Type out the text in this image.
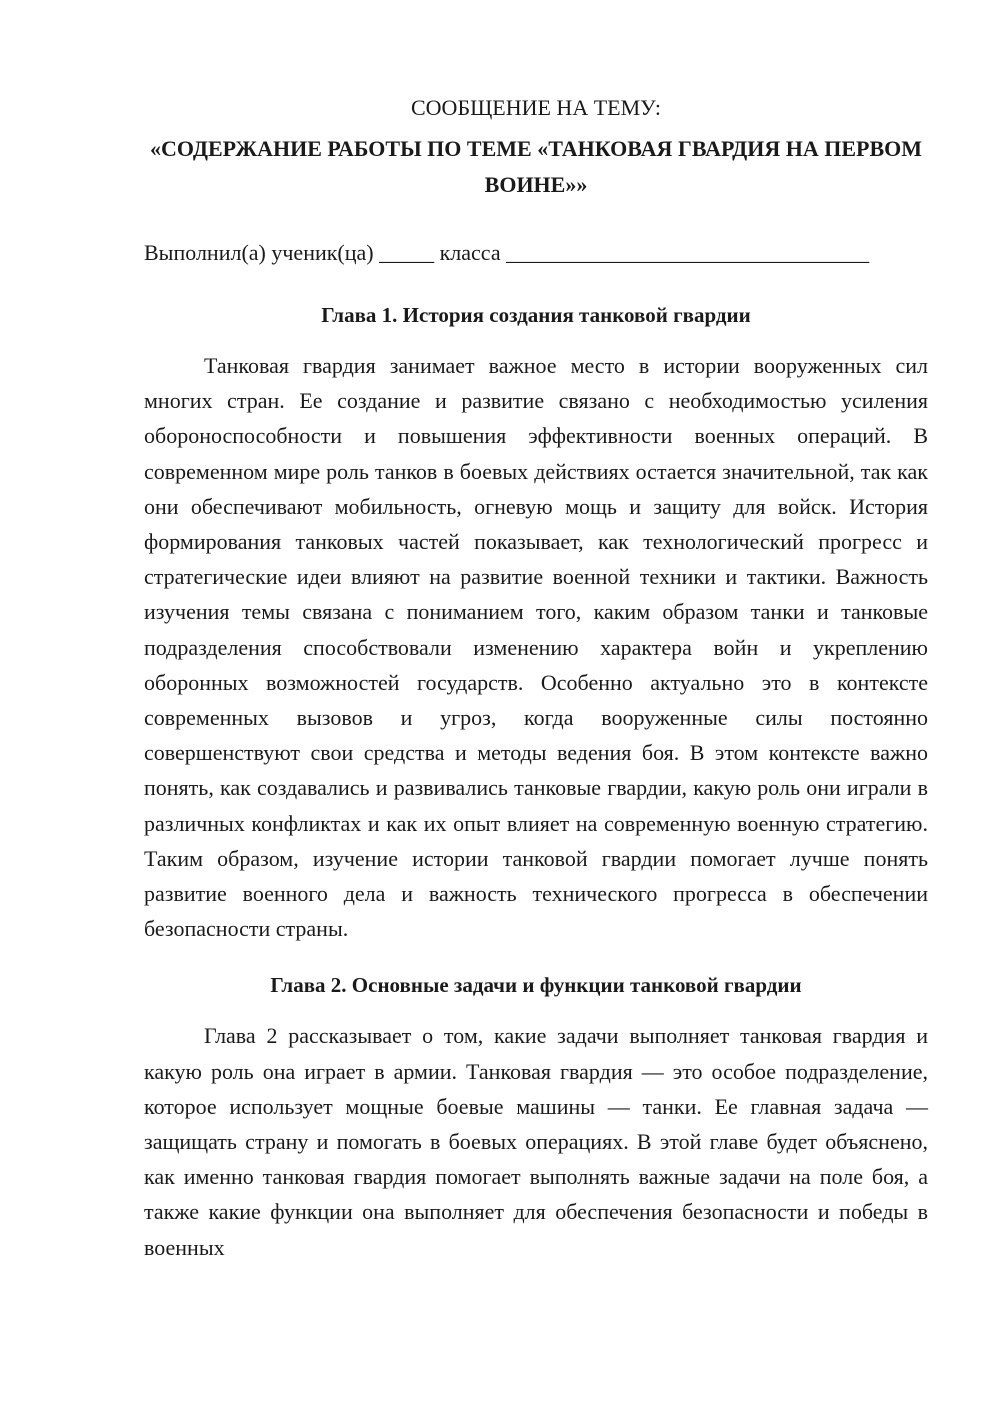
СООБЩЕНИЕ НА ТЕМУ:

«СОДЕРЖАНИЕ РАБОТЫ ПО ТЕМЕ «ТАНКОВАЯ ГВАРДИЯ НА ПЕРВОМ ВОИНЕ»»

Выполнил(а) ученик(ца) _____ класса _________________________________

Глава 1. История создания танковой гвардии

Танковая гвардия занимает важное место в истории вооруженных сил многих стран. Ее создание и развитие связано с необходимостью усиления обороноспособности и повышения эффективности военных операций. В современном мире роль танков в боевых действиях остается значительной, так как они обеспечивают мобильность, огневую мощь и защиту для войск. История формирования танковых частей показывает, как технологический прогресс и стратегические идеи влияют на развитие военной техники и тактики. Важность изучения темы связана с пониманием того, каким образом танки и танковые подразделения способствовали изменению характера войн и укреплению оборонных возможностей государств. Особенно актуально это в контексте современных вызовов и угроз, когда вооруженные силы постоянно совершенствуют свои средства и методы ведения боя. В этом контексте важно понять, как создавались и развивались танковые гвардии, какую роль они играли в различных конфликтах и как их опыт влияет на современную военную стратегию. Таким образом, изучение истории танковой гвардии помогает лучше понять развитие военного дела и важность технического прогресса в обеспечении безопасности страны.

Глава 2. Основные задачи и функции танковой гвардии

Глава 2 рассказывает о том, какие задачи выполняет танковая гвардия и какую роль она играет в армии. Танковая гвардия — это особое подразделение, которое использует мощные боевые машины — танки. Ее главная задача — защищать страну и помогать в боевых операциях. В этой главе будет объяснено, как именно танковая гвардия помогает выполнять важные задачи на поле боя, а также какие функции она выполняет для обеспечения безопасности и победы в военных
